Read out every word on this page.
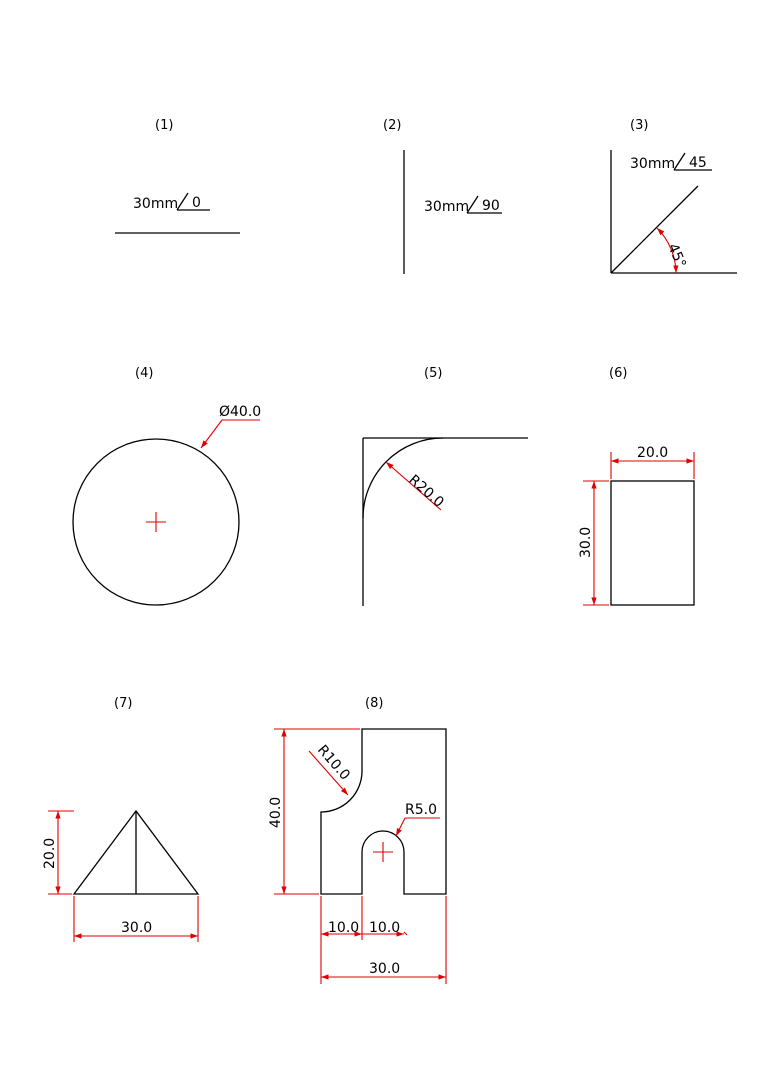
(1)
30mm 0
(2)
30mm 90
(3)
30mm 45
45°
(4)
Ø40.0
(5)
R20.0
(6)
20.0
30.0
(7)
20.0
30.0
(8)
40.0
R10.0
R5.0
10.0 10.0
30.0
